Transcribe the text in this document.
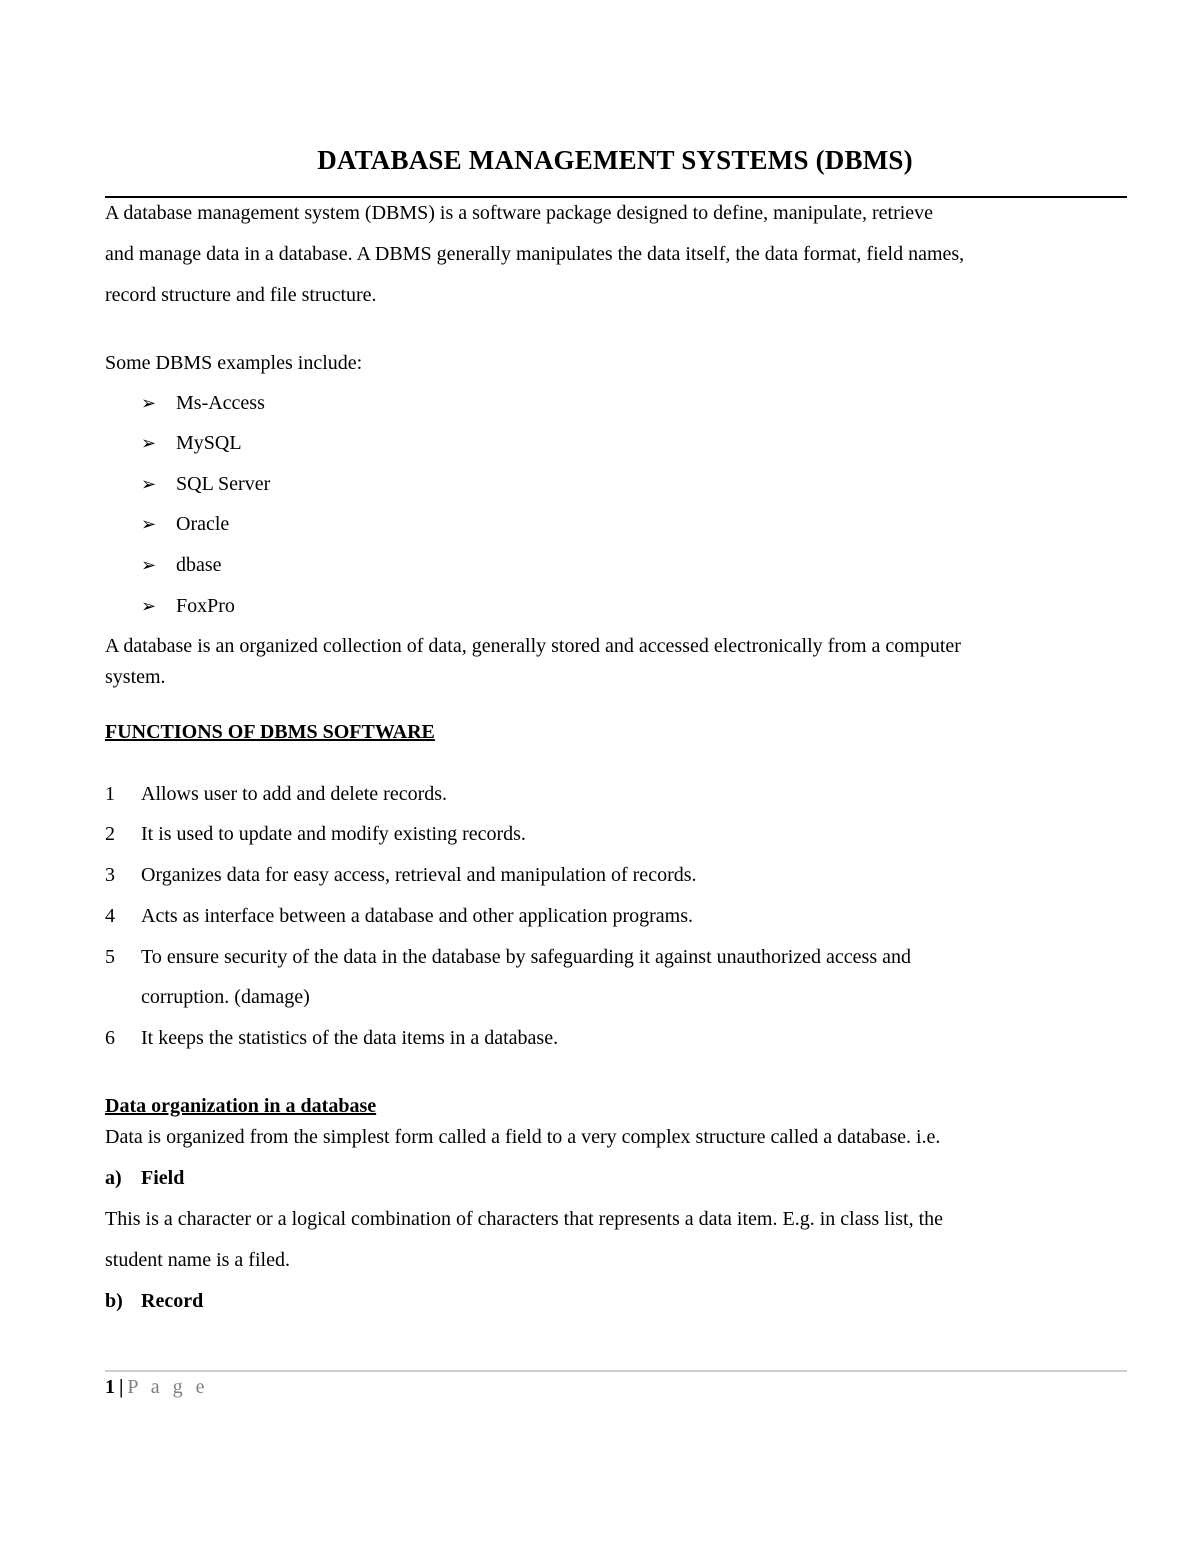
DATABASE MANAGEMENT SYSTEMS (DBMS)
A database management system (DBMS) is a software package designed to define, manipulate, retrieve
and manage data in a database. A DBMS generally manipulates the data itself, the data format, field names,
record structure and file structure.
Some DBMS examples include:
➢ Ms-Access
➢ MySQL
➢ SQL Server
➢ Oracle
➢ dbase
➢ FoxPro
A database is an organized collection of data, generally stored and accessed electronically from a computer
system.
FUNCTIONS OF DBMS SOFTWARE
1 Allows user to add and delete records.
2 It is used to update and modify existing records.
3 Organizes data for easy access, retrieval and manipulation of records.
4 Acts as interface between a database and other application programs.
5 To ensure security of the data in the database by safeguarding it against unauthorized access and
corruption. (damage)
6 It keeps the statistics of the data items in a database.
Data organization in a database
Data is organized from the simplest form called a field to a very complex structure called a database. i.e.
a) Field
This is a character or a logical combination of characters that represents a data item. E.g. in class list, the
student name is a filed.
b) Record
1 | P a g e
